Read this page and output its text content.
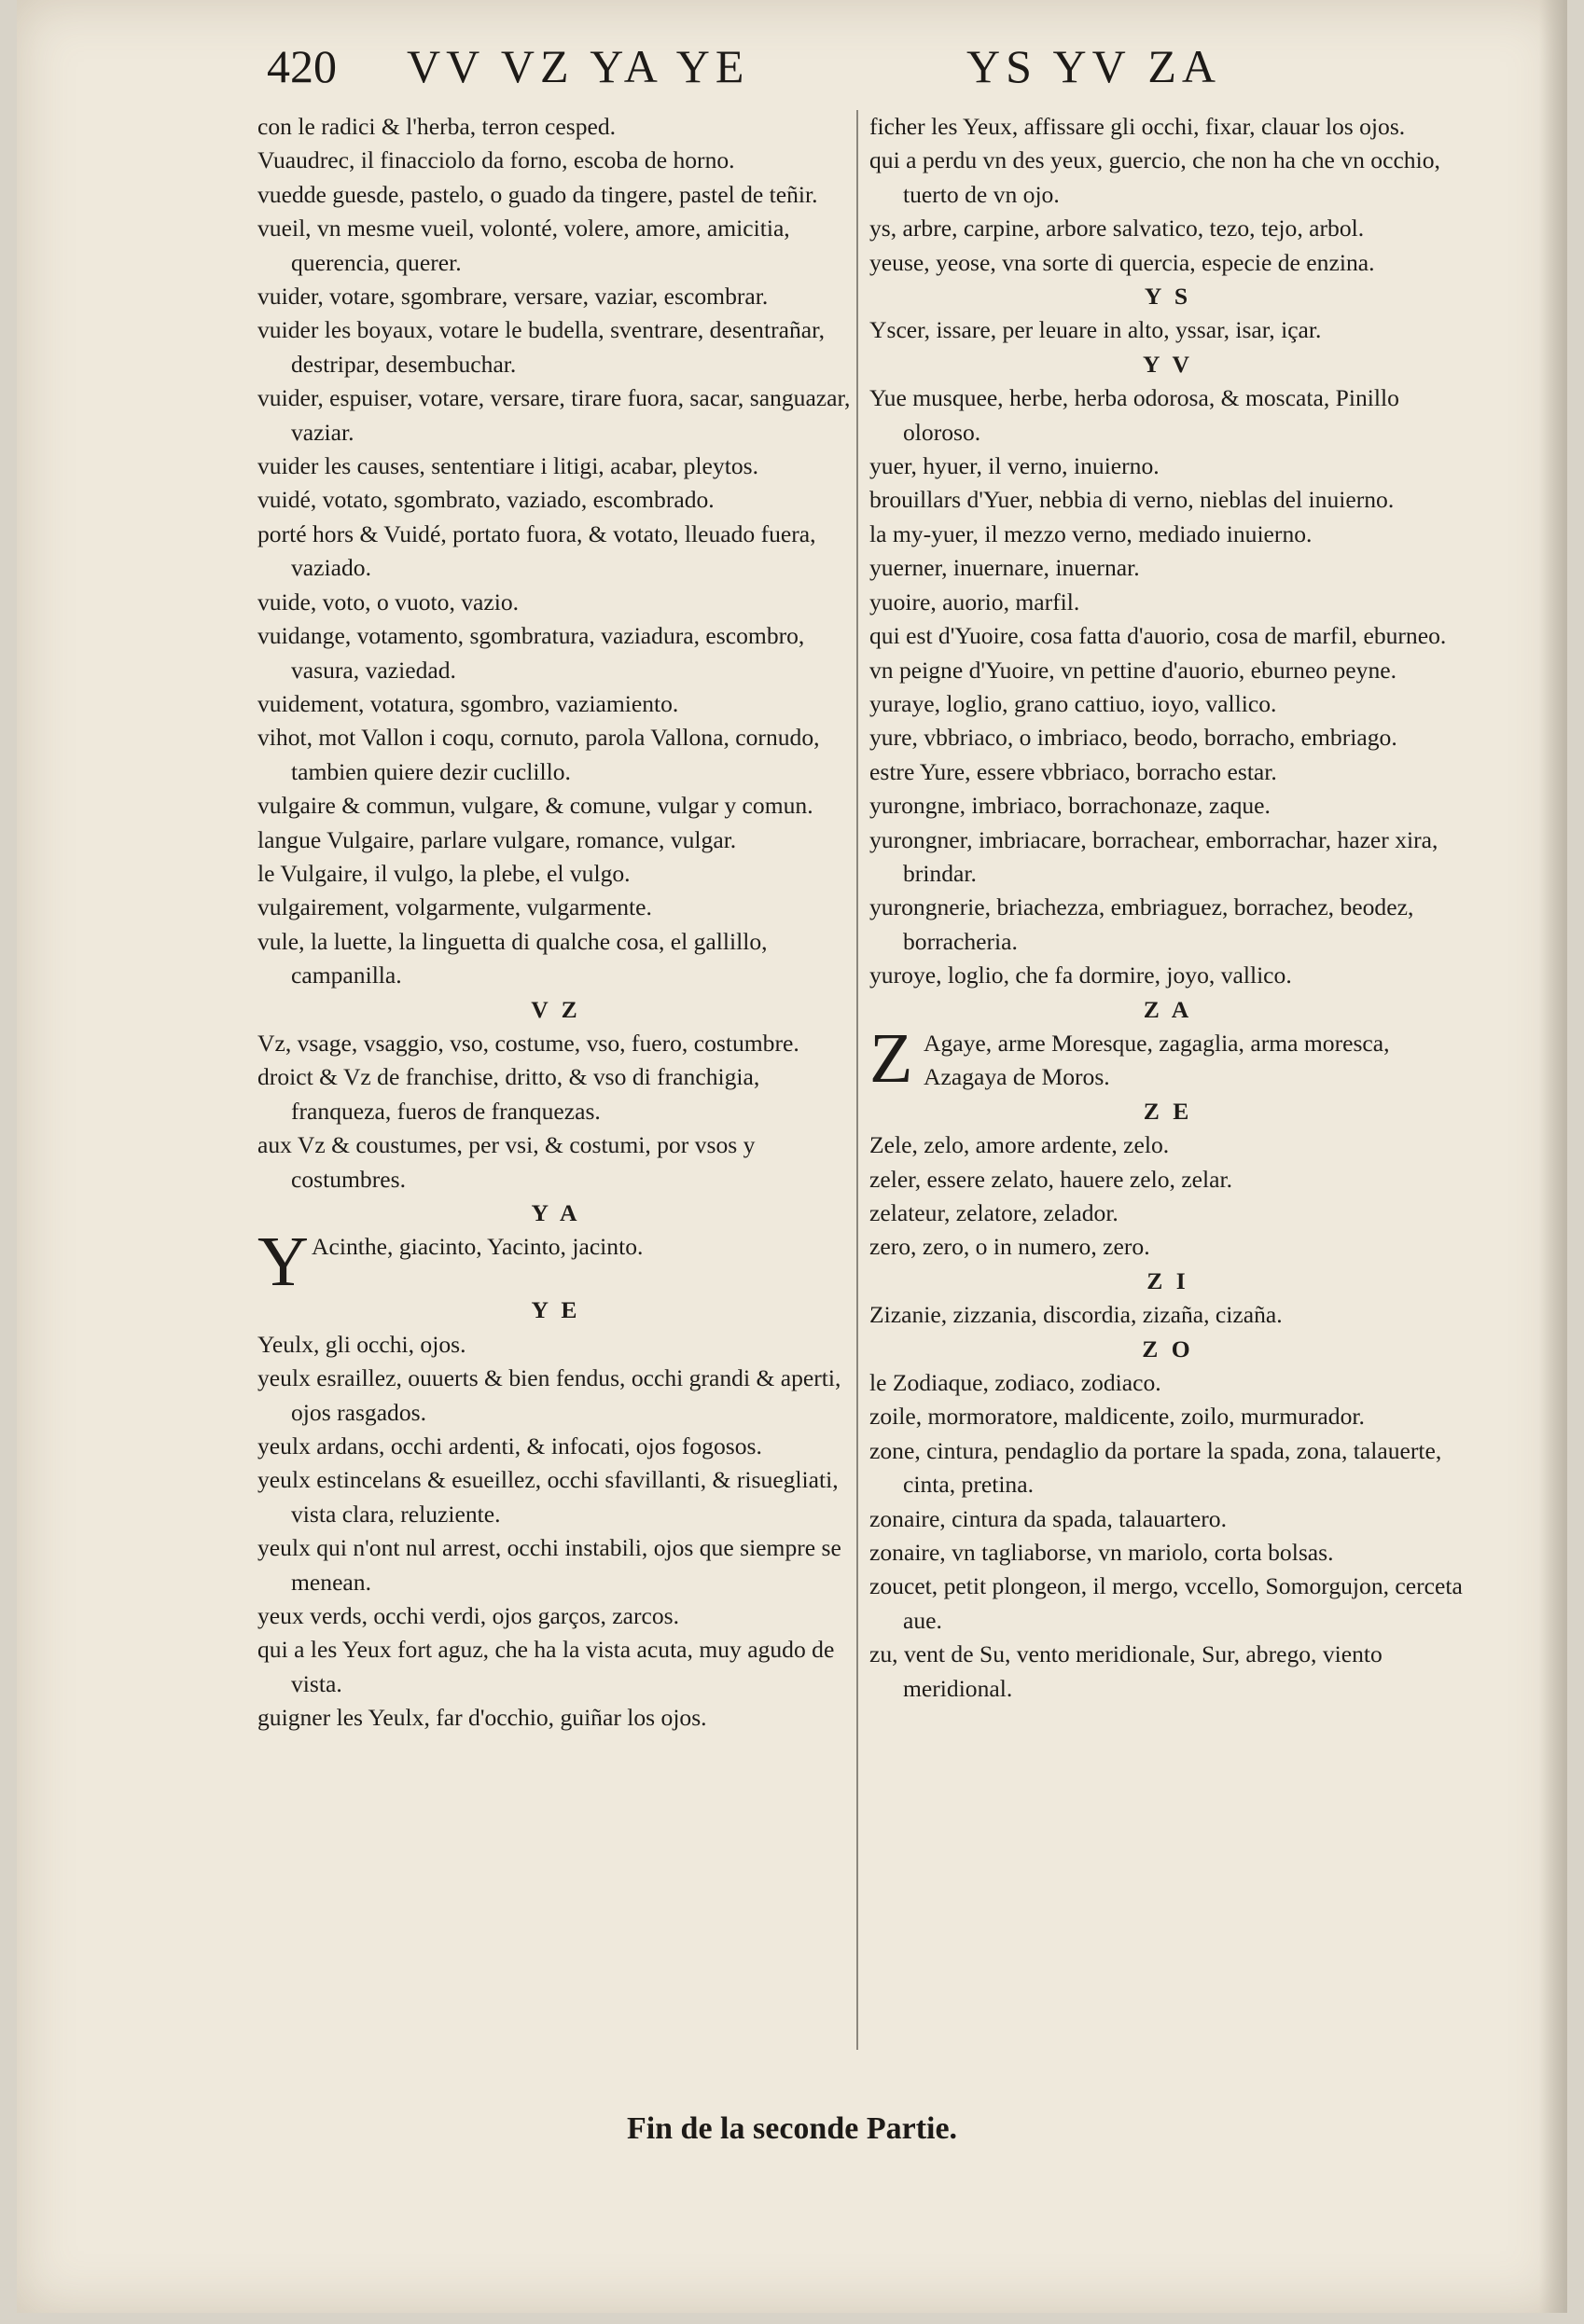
420 VV VZ YA YE	YS YV ZA

con le radici & l'herba, terron cesped.

Vuaudrec, il finacciolo da forno, escoba de horno.

vuedde guesde, pastelo, o guado da tingere, pastel de teñir.

vueil, vn mesme vueil, volonté, volere, amore, amicitia, querencia, querer.

vuider, votare, sgombrare, versare, vaziar, escombrar.

vuider les boyaux, votare le budella, sventrare, desentrañar, destripar, desembuchar.

vuider, espuiser, votare, versare, tirare fuora, sacar, sanguazar, vaziar.

vuider les causes, sententiare i litigi, acabar, pleytos.

vuidé, votato, sgombrato, vaziado, escombrado.

porté hors & Vuidé, portato fuora, & votato, lleuado fuera, vaziado.

vuide, voto, o vuoto, vazio.

vuidange, votamento, sgombratura, vaziadura, escombro, vasura, vaziedad.

vuidement, votatura, sgombro, vaziamiento.

vihot, mot Vallon i coqu, cornuto, parola Vallona, cornudo, tambien quiere dezir cuclillo.

vulgaire & commun, vulgare, & comune, vulgar y comun.

langue Vulgaire, parlare vulgare, romance, vulgar.

le Vulgaire, il vulgo, la plebe, el vulgo.

vulgairement, volgarmente, vulgarmente.

vule, la luette, la linguetta di qualche cosa, el gallillo, campanilla.

V Z

Vz, vsage, vsaggio, vso, costume, vso, fuero, costumbre.

droict & Vz de franchise, dritto, & vso di franchigia, franqueza, fueros de franquezas.

aux Vz & coustumes, per vsi, & costumi, por vsos y costumbres.

Y A

Y Acinthe, giacinto, Yacinto, jacinto.

Y E

Yeulx, gli occhi, ojos.

yeulx esraillez, ouuerts & bien fendus, occhi grandi & aperti, ojos rasgados.

yeulx ardans, occhi ardenti, & infocati, ojos fogosos.

yeulx estincelans & esueillez, occhi sfavillanti, & risuegliati, vista clara, reluziente.

yeulx qui n'ont nul arrest, occhi instabili, ojos que siempre se menean.

yeux verds, occhi verdi, ojos garços, zarcos.

qui a les Yeux fort aguz, che ha la vista acuta, muy agudo de vista.

guigner les Yeulx, far d'occhio, guiñar los ojos.

ficher les Yeux, affissare gli occhi, fixar, clauar los ojos.

qui a perdu vn des yeux, guercio, che non ha che vn occhio, tuerto de vn ojo.

ys, arbre, carpine, arbore salvatico, tezo, tejo, arbol.

yeuse, yeose, vna sorte di quercia, especie de enzina.

Y S

Yscer, issare, per leuare in alto, yssar, isar, içar.

Y V

Yue musquee, herbe, herba odorosa, & moscata, Pinillo oloroso.

yuer, hyuer, il verno, inuierno.

brouillars d'Yuer, nebbia di verno, nieblas del inuierno.

la my-yuer, il mezzo verno, mediado inuierno.

yuerner, inuernare, inuernar.

yuoire, auorio, marfil.

qui est d'Yuoire, cosa fatta d'auorio, cosa de marfil, eburneo.

vn peigne d'Yuoire, vn pettine d'auorio, eburneo peyne.

yuraye, loglio, grano cattiuo, ioyo, vallico.

yure, vbbriaco, o imbriaco, beodo, borracho, embriago.

estre Yure, essere vbbriaco, borracho estar.

yurongne, imbriaco, borrachonaze, zaque.

yurongner, imbriacare, borrachear, emborrachar, hazer xira, brindar.

yurongnerie, briachezza, embriaguez, borrachez, beodez, borracheria.

yuroye, loglio, che fa dormire, joyo, vallico.

Z A

Z Agaye, arme Moresque, zagaglia, arma moresca, Azagaya de Moros.

Z E

Zele, zelo, amore ardente, zelo.

zeler, essere zelato, hauere zelo, zelar.

zelateur, zelatore, zelador.

zero, zero, o in numero, zero.

Z I

Zizanie, zizzania, discordia, zizaña, cizaña.

Z O

le Zodiaque, zodiaco, zodiaco.

zoile, mormoratore, maldicente, zoilo, murmurador.

zone, cintura, pendaglio da portare la spada, zona, talauerte, cinta, pretina.

zonaire, cintura da spada, talauartero.

zonaire, vn tagliaborse, vn mariolo, corta bolsas.

zoucet, petit plongeon, il mergo, vccello, Somorgujon, cerceta aue.

zu, vent de Su, vento meridionale, Sur, abrego, viento meridional.

Fin de la seconde Partie.
